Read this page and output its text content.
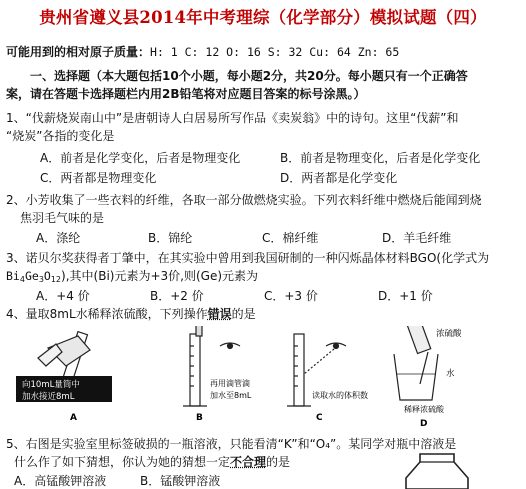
贵州省遵义县2014年中考理综（化学部分）模拟试题（四）
可能用到的相对原子质量：H: 1 C: 12 O: 16 S: 32 Cu: 64 Zn: 65
一、选择题（本大题包括10个小题，每小题2分，共20分。每小题只有一个正确答
案，请在答题卡选择题栏内用2B铅笔将对应题目答案的标号涂黑。）
1、“伐薪烧炭南山中”是唐朝诗人白居易所写作品《卖炭翁》中的诗句。这里“伐薪”和
“烧炭”各指的变化是
A．前者是化学变化，后者是物理变化	B．前者是物理变化，后者是化学变化
C．两者都是物理变化	D．两者都是化学变化
2、小芳收集了一些衣料的纤维，各取一部分做燃烧实验。下列衣料纤维中燃烧后能闻到烧
焦羽毛气味的是
A．涤纶	B．锦纶	C．棉纤维	D．羊毛纤维
3、诺贝尔奖获得者丁肇中，在其实验中曾用到我国研制的一种闪烁晶体材料BGO(化学式为
$Bi_4Ge_3O_{12}$),其中(Bi)元素为+3价,则(Ge)元素为
A．+4 价	B．+2 价	C．+3 价	D．+1 价
4、量取8mL水稀释浓硫酸，下列操作错误的是
向10mL量筒中
加水接近8mL
A
再用滴管滴
加水至8mL
B
读取水的体积数
C
浓硫酸
水
稀释浓硫酸
D
5、右图是实验室里标签破损的一瓶溶液，只能看清“K”和“O₄”。某同学对瓶中溶液是
什么作了如下猜想，你认为她的猜想一定不合理的是
A．高锰酸钾溶液	B．锰酸钾溶液
